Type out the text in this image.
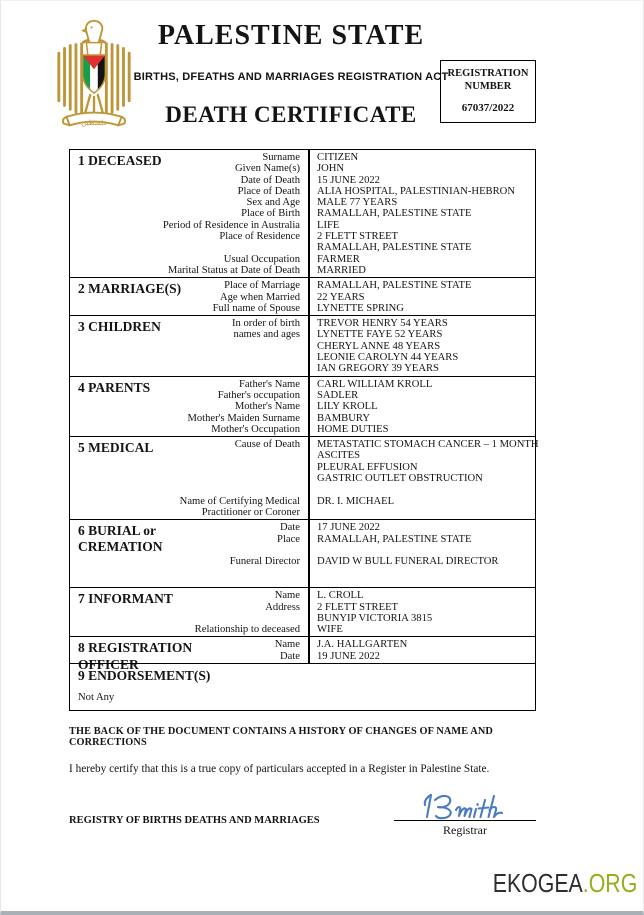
فلسطين
PALESTINE STATE
BIRTHS, DFEATHS AND MARRIAGES REGISTRATION ACT
DEATH CERTIFICATE
REGISTRATION NUMBER
67037/2022
1 DECEASED	Surname	CITIZEN
Given Name(s)	JOHN
Date of Death	15 JUNE 2022
Place of Death	ALIA HOSPITAL, PALESTINIAN-HEBRON
Sex and Age	MALE 77 YEARS
Place of Birth	RAMALLAH, PALESTINE STATE
Period of Residence in Australia	LIFE
Place of Residence	2 FLETT STREET
RAMALLAH, PALESTINE STATE
Usual Occupation	FARMER
Marital Status at Date of Death	MARRIED
2 MARRIAGE(S)	Place of Marriage	RAMALLAH, PALESTINE STATE
Age when Married	22 YEARS
Full name of Spouse	LYNETTE SPRING
3 CHILDREN	In order of birth	TREVOR HENRY 54 YEARS
names and ages	LYNETTE FAYE 52 YEARS
CHERYL ANNE 48 YEARS
LEONIE CAROLYN 44 YEARS
IAN GREGORY 39 YEARS
4 PARENTS	Father's Name	CARL WILLIAM KROLL
Father's occupation	SADLER
Mother's Name	LILY KROLL
Mother's Maiden Surname	BAMBURY
Mother's Occupation	HOME DUTIES
5 MEDICAL	Cause of Death	METASTATIC STOMACH CANCER – 1 MONTH
ASCITES
PLEURAL EFFUSION
GASTRIC OUTLET OBSTRUCTION
Name of Certifying Medical	DR. I. MICHAEL
Practitioner or Coroner
6 BURIAL or CREMATION
Date	17 JUNE 2022
Place	RAMALLAH, PALESTINE STATE
Funeral Director	DAVID W BULL FUNERAL DIRECTOR
7 INFORMANT	Name	L. CROLL
Address	2 FLETT STREET
BUNYIP VICTORIA 3815
Relationship to deceased	WIFE
8 REGISTRATION OFFICER
Name	J.A. HALLGARTEN
Date	19 JUNE 2022
9 ENDORSEMENT(S)
Not Any
THE BACK OF THE DOCUMENT CONTAINS A HISTORY OF CHANGES OF NAME AND CORRECTIONS
I hereby certify that this is a true copy of particulars accepted in a Register in Palestine State.
REGISTRY OF BIRTHS DEATHS AND MARRIAGES
Registrar
EKOGEA.ORG
